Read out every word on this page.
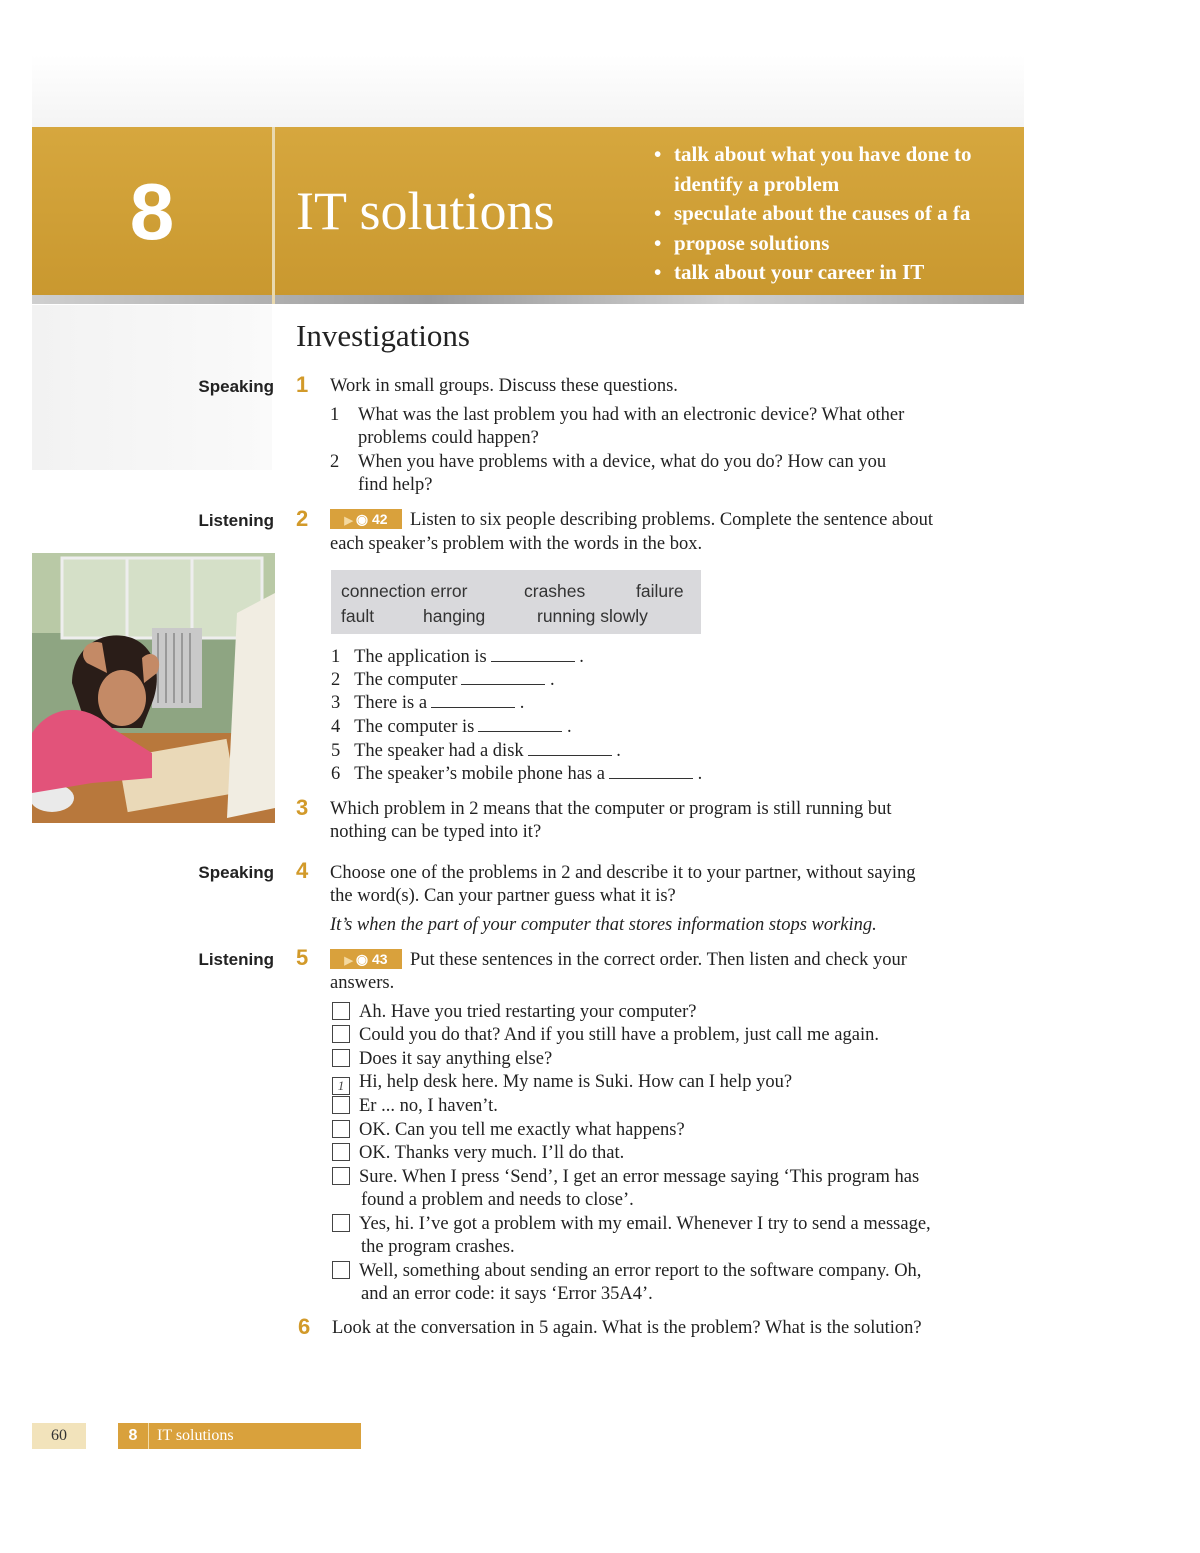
8	IT solutions
• talk about what you have done to
identify a problem
• speculate about the causes of a fa
• propose solutions
• talk about your career in IT
Investigations
Speaking 1 Work in small groups. Discuss these questions.
1 What was the last problem you had with an electronic device? What other
problems could happen?
2 When you have problems with a device, what do you do? How can you
find help?
Listening 2	▶ ◉ 42 Listen to six people describing problems. Complete the sentence about
each speaker’s problem with the words in the box.
connection error	crashes	failure
fault	hanging	running slowly
1 The application is	.
2 The computer	.
3 There is a	.
4 The computer is	.
5 The speaker had a disk	.
6 The speaker’s mobile phone has a	.
3 Which problem in 2 means that the computer or program is still running but
nothing can be typed into it?
Speaking 4 Choose one of the problems in 2 and describe it to your partner, without saying
the word(s). Can your partner guess what it is?
It’s when the part of your computer that stores information stops working.
Listening 5	▶ ◉ 43 Put these sentences in the correct order. Then listen and check your
answers.
Ah. Have you tried restarting your computer?
Could you do that? And if you still have a problem, just call me again.
Does it say anything else?
1 Hi, help desk here. My name is Suki. How can I help you?
Er ... no, I haven’t.
OK. Can you tell me exactly what happens?
OK. Thanks very much. I’ll do that.
Sure. When I press ‘Send’, I get an error message saying ‘This program has
found a problem and needs to close’.
Yes, hi. I’ve got a problem with my email. Whenever I try to send a message,
the program crashes.
Well, something about sending an error report to the software company. Oh,
and an error code: it says ‘Error 35A4’.
6 Look at the conversation in 5 again. What is the problem? What is the solution?
60	8 IT solutions
